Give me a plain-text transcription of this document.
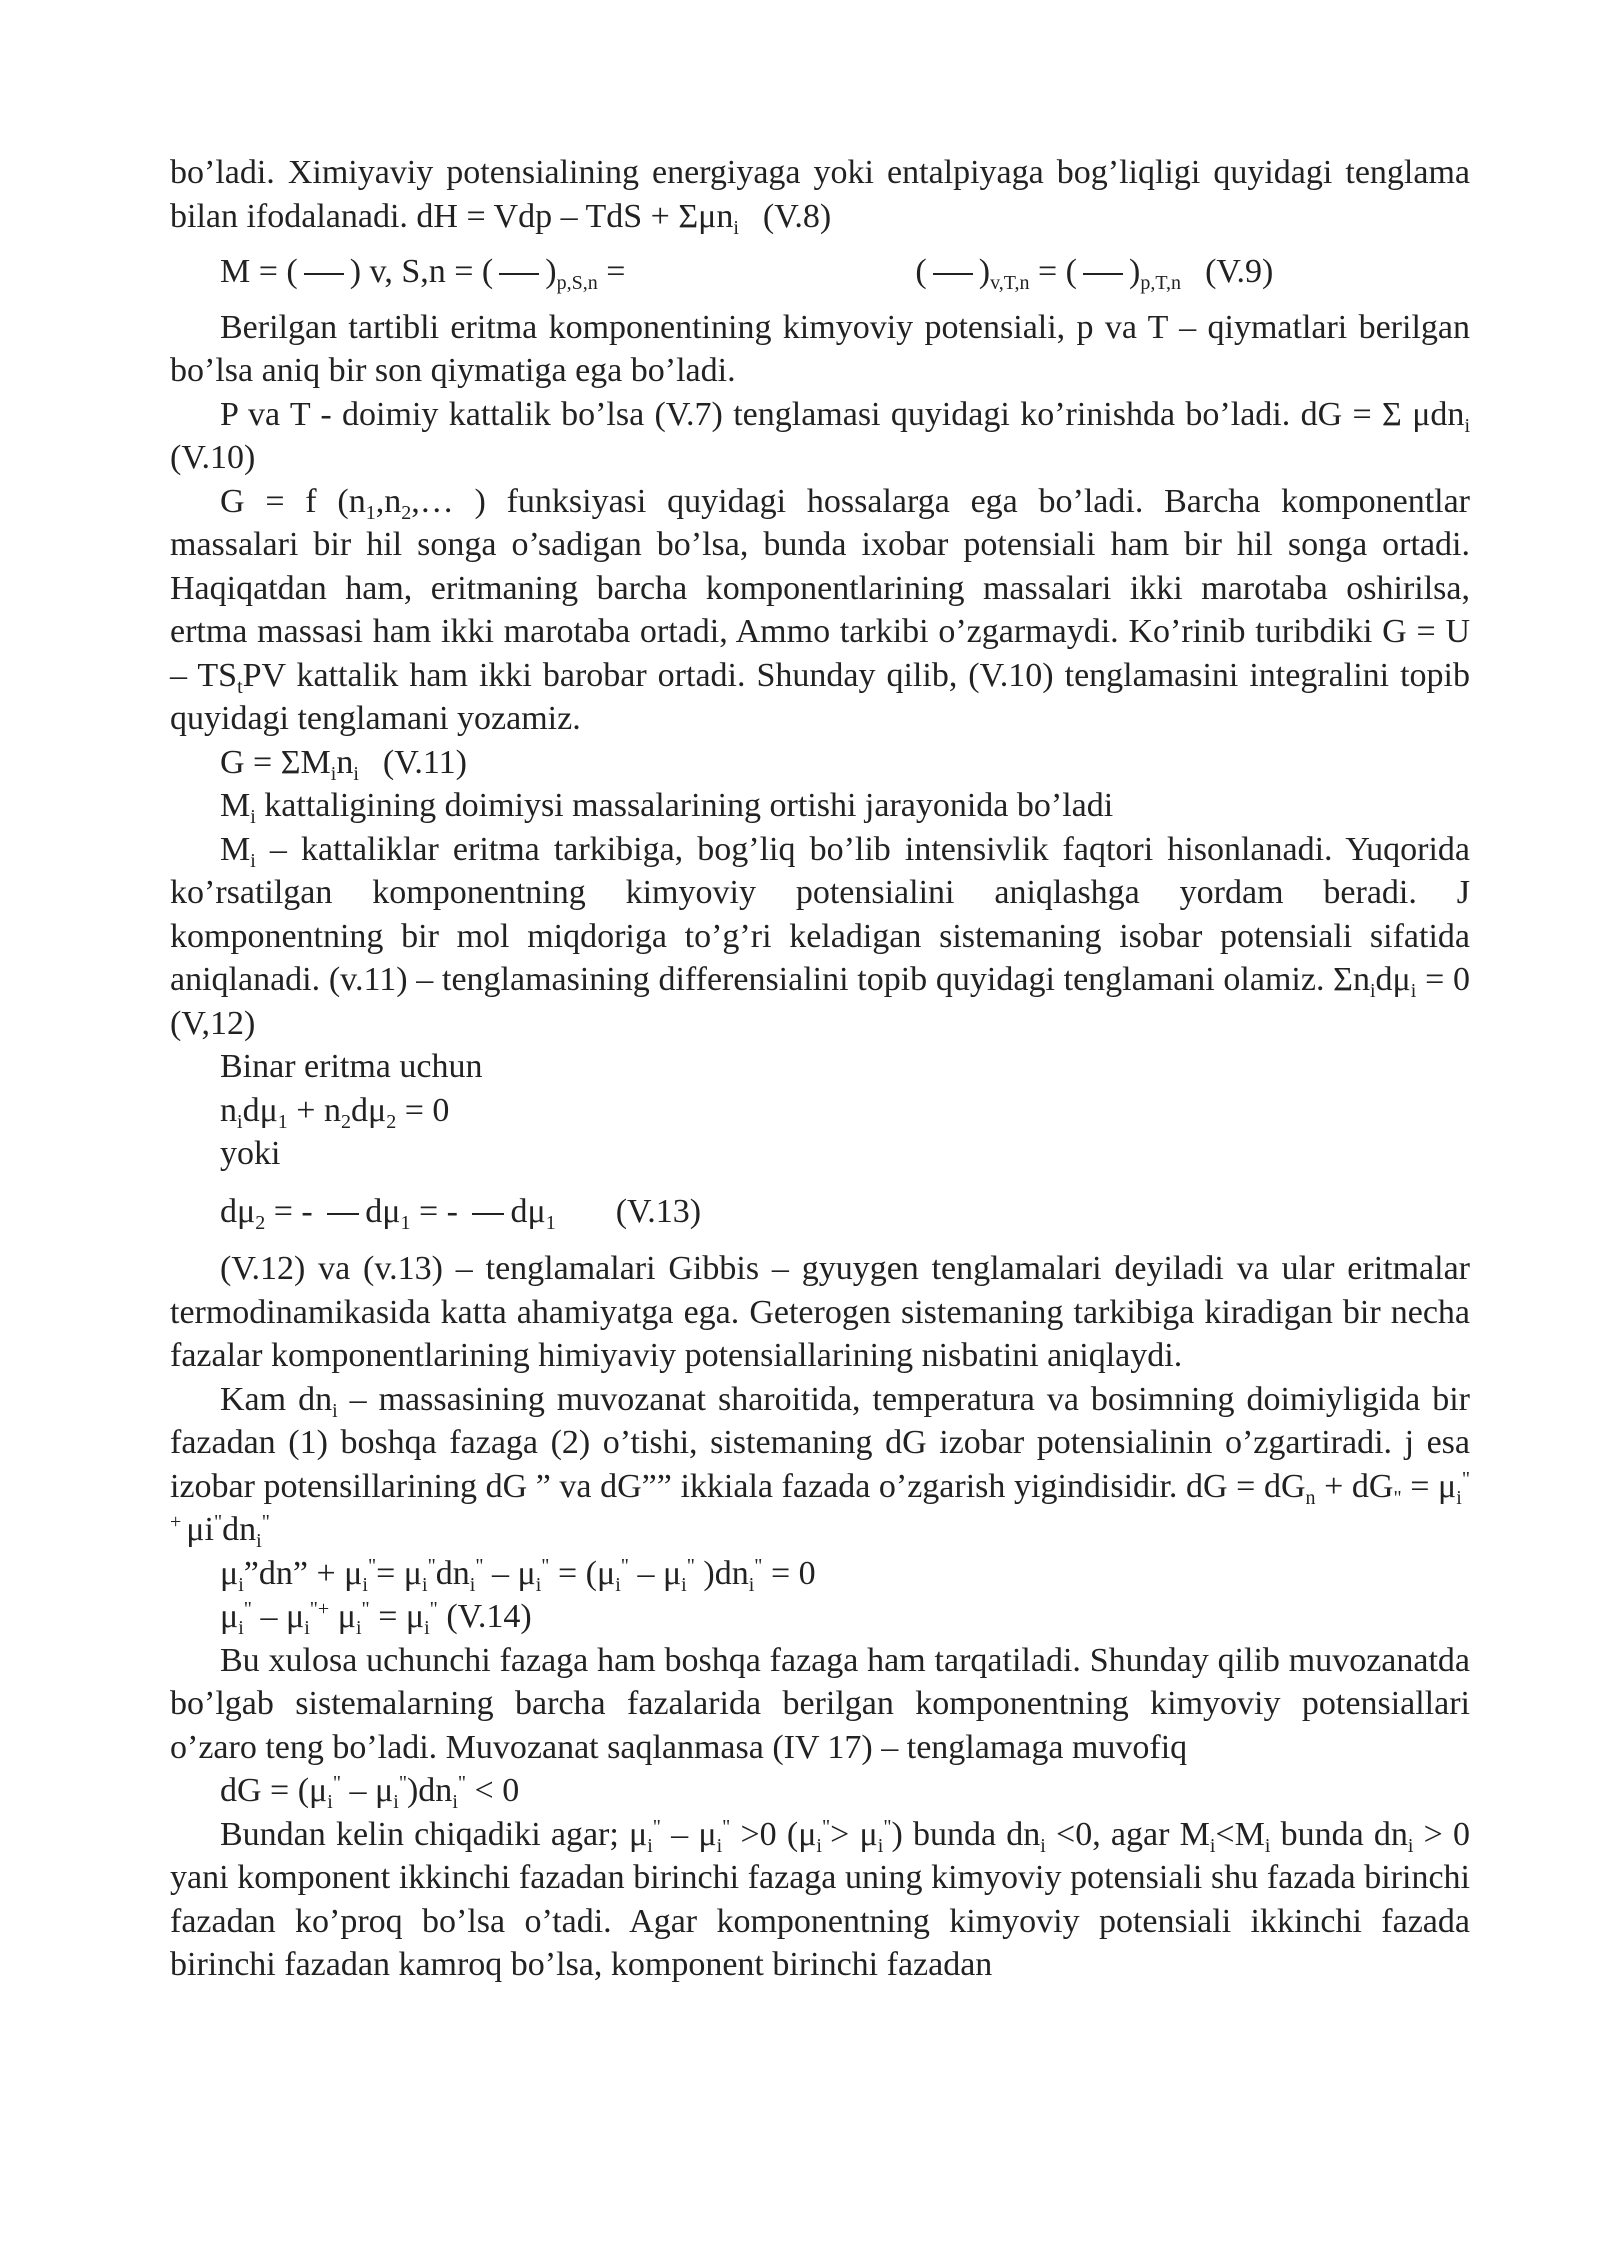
bo’ladi. Ximiyaviy potensialining energiyaga yoki entalpiyaga bog’liqligi quyidagi tenglama bilan ifodalanadi. dH = Vdp – TdS + Σμn$_i$ (V.8)

M = ( ) v, S,n = ( )$_{p,S,n}$ =	( )$_{v,T,n}$ = ( )$_{p,T,n}$ (V.9)

Berilgan tartibli eritma komponentining kimyoviy potensiali, p va T – qiymatlari berilgan bo’lsa aniq bir son qiymatiga ega bo’ladi.

P va T - doimiy kattalik bo’lsa (V.7) tenglamasi quyidagi ko’rinishda bo’ladi. dG = Σ μdn$_i$ (V.10)

G = f ($n_1,n_2,\dots$ ) funksiyasi quyidagi hossalarga ega bo’ladi. Barcha komponentlar massalari bir hil songa o’sadigan bo’lsa, bunda ixobar potensiali ham bir hil songa ortadi. Haqiqatdan ham, eritmaning barcha komponentlarining massalari ikki marotaba oshirilsa, ertma massasi ham ikki marotaba ortadi, Ammo tarkibi o’zgarmaydi. Ko’rinib turibdiki $G = U - TS_tPV$ kattalik ham ikki barobar ortadi. Shunday qilib, (V.10) tenglamasini integralini topib quyidagi tenglamani yozamiz.

$G = \Sigma M_in_i$ (V.11)

$M_i$ kattaligining doimiysi massalarining ortishi jarayonida bo’ladi

$M_i$ – kattaliklar eritma tarkibiga, bog’liq bo’lib intensivlik faqtori hisonlanadi. Yuqorida ko’rsatilgan komponentning kimyoviy potensialini aniqlashga yordam beradi. J komponentning bir mol miqdoriga to’g’ri keladigan sistemaning isobar potensiali sifatida aniqlanadi. (v.11) – tenglamasining differensialini topib quyidagi tenglamani olamiz. $\Sigma n_id\mu_i = 0$ (V,12)

Binar eritma uchun

$n_id\mu_1 + n_2d\mu_2 = 0$

yoki

$d\mu_2$ = - $d\mu_1$ = - $d\mu_1$ (V.13)

(V.12) va (v.13) – tenglamalari Gibbis – gyuygen tenglamalari deyiladi va ular eritmalar termodinamikasida katta ahamiyatga ega. Geterogen sistemaning tarkibiga kiradigan bir necha fazalar komponentlarining himiyaviy potensiallarining nisbatini aniqlaydi.

Kam $dn_i$ – massasining muvozanat sharoitida, temperatura va bosimning doimiyligida bir fazadan (1) boshqa fazaga (2) o’tishi, sistemaning dG izobar potensialinin o’zgartiradi. j esa izobar potensillarining dG ” va dG”” ikkiala fazada o’zgarish yigindisidir. dG = $dG_n + dG_" = \mu_i^{" +}$ $\mu i^"dn_i^"$

$\mu_i”dn$” + $\mu_i^"= \mu_i^"dn_i^" - \mu_i^" = (\mu_i^" - \mu_i^"$ )$dn_i^" = 0$

$\mu_i^" - \mu_i^{"+}$ $\mu_i^" = \mu_i^"$ (V.14)

Bu xulosa uchunchi fazaga ham boshqa fazaga ham tarqatiladi. Shunday qilib muvozanatda bo’lgab sistemalarning barcha fazalarida berilgan komponentning kimyoviy potensiallari o’zaro teng bo’ladi. Muvozanat saqlanmasa (IV 17) – tenglamaga muvofiq

dG = $(\mu_i^" - \mu_i^")dn_i^" < 0$

Bundan kelin chiqadiki agar; $\mu_i^" - \mu_i^" >0$ $(\mu_i^"> \mu_i^")$ bunda $dn_i <0$, agar $M_i<M_i$ bunda $dn_i > 0$ yani komponent ikkinchi fazadan birinchi fazaga uning kimyoviy potensiali shu fazada birinchi fazadan ko’proq bo’lsa o’tadi. Agar komponentning kimyoviy potensiali ikkinchi fazada birinchi fazadan kamroq bo’lsa, komponent birinchi fazadan
